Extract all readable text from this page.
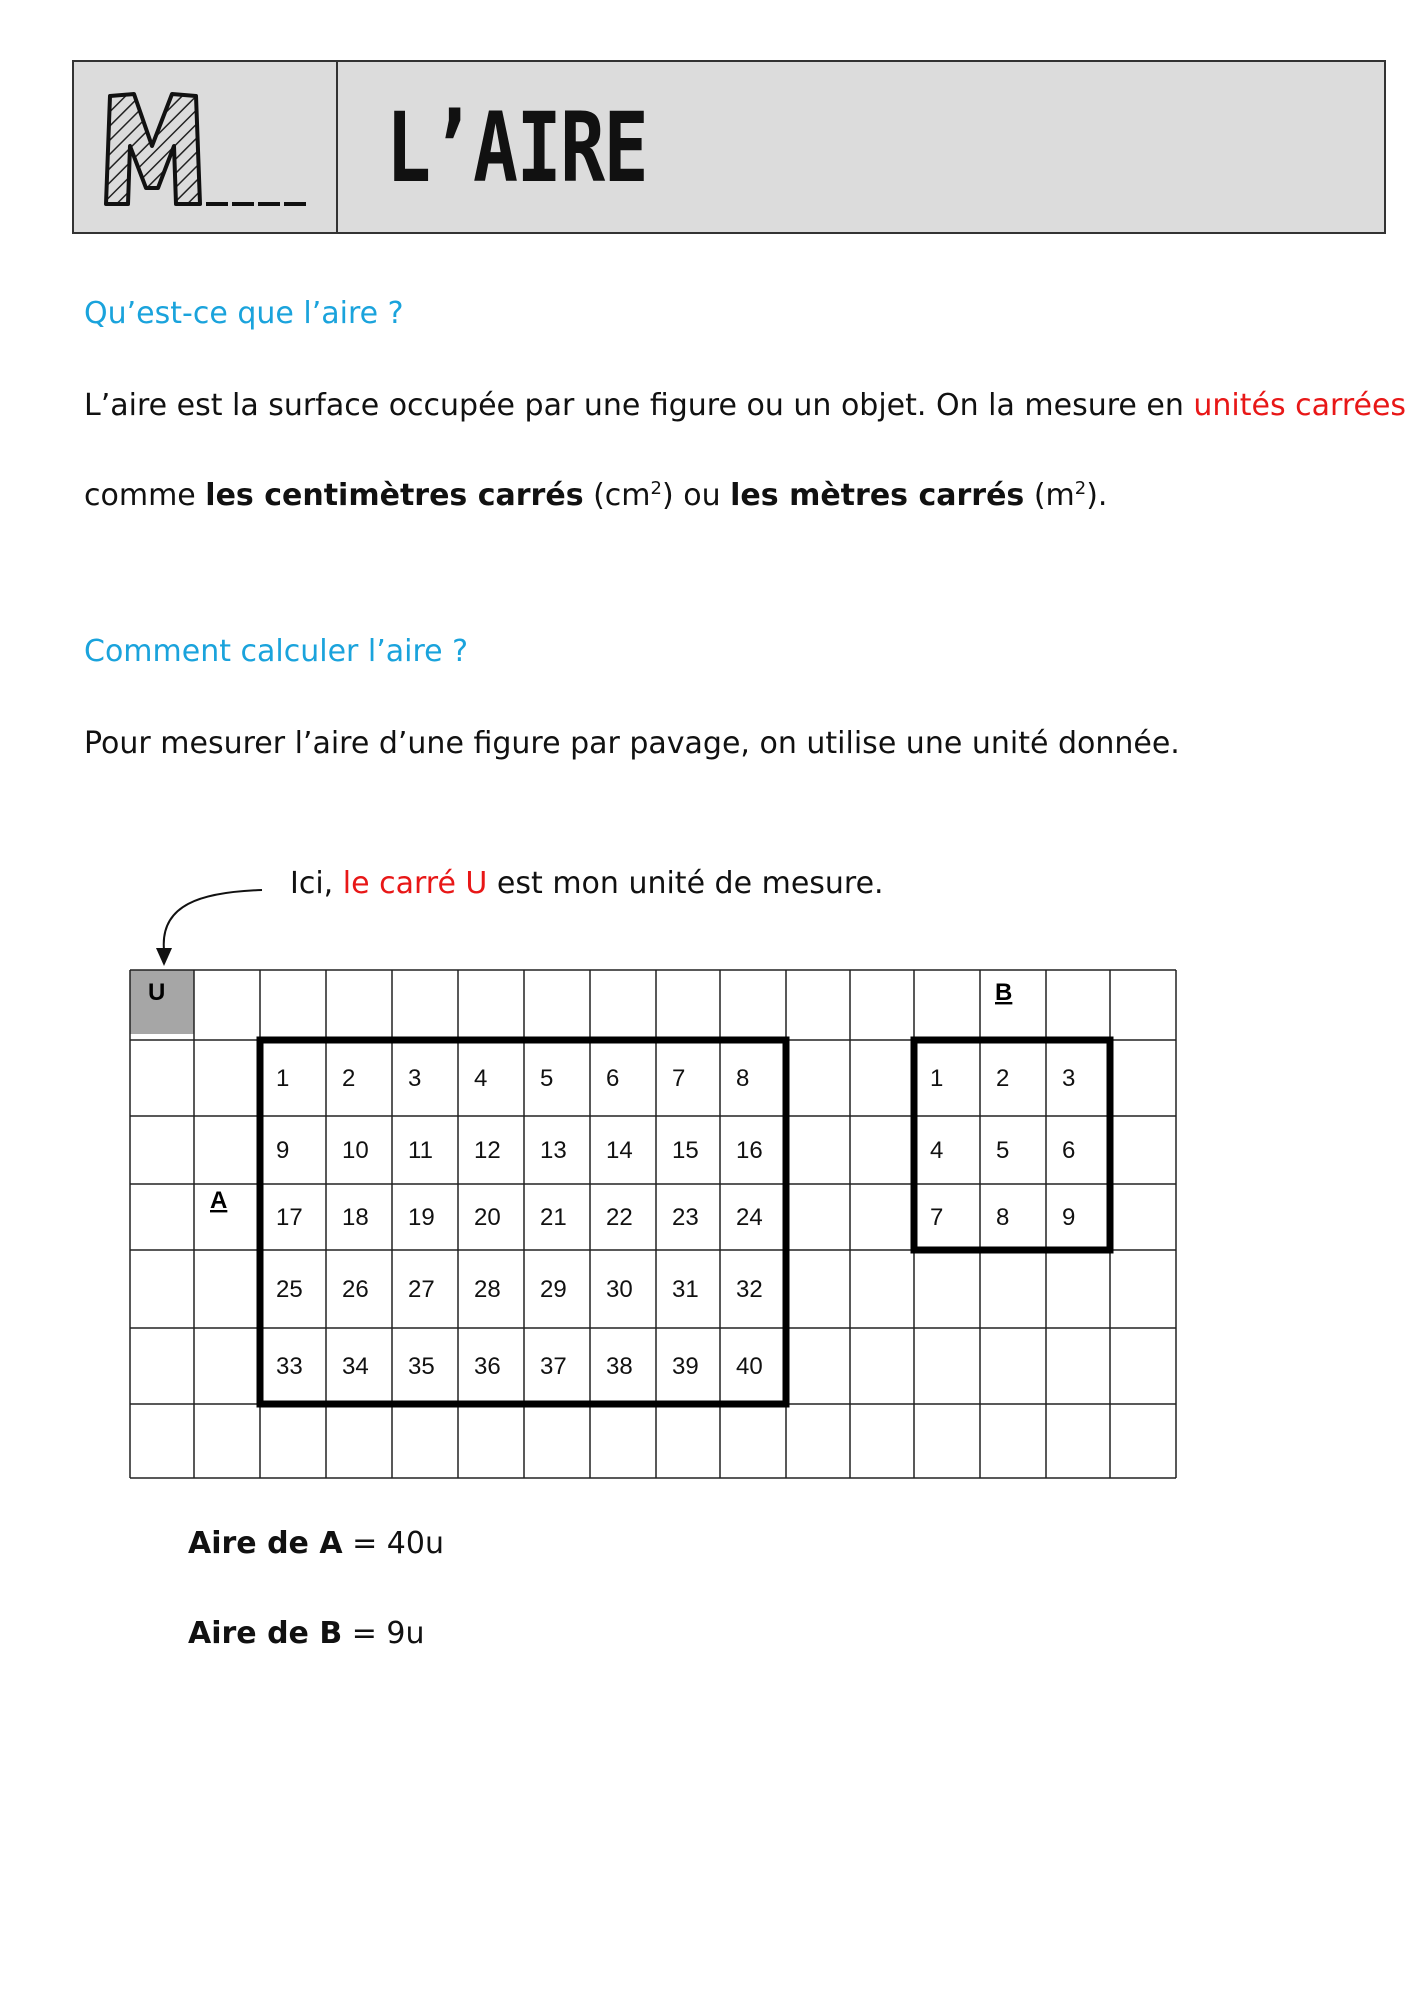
L’AIRE
Qu’est-ce que l’aire ?
L’aire est la surface occupée par une figure ou un objet. On la mesure en unités carrées
comme les centimètres carrés $(cm^2)$ ou les mètres carrés $(m^2)$.
Comment calculer l’aire ?
Pour mesurer l’aire d’une figure par pavage, on utilise une unité donnée.
Ici, le carré U est mon unité de mesure.
U
A
B
1 2 3 4 5 6 7 8
9 10 11 12 13 14 15 16
17 18 19 20 21 22 23 24
25 26 27 28 29 30 31 32
33 34 35 36 37 38 39 40
1 2 3
4 5 6
7 8 9
Aire de A = 40u
Aire de B = 9u
